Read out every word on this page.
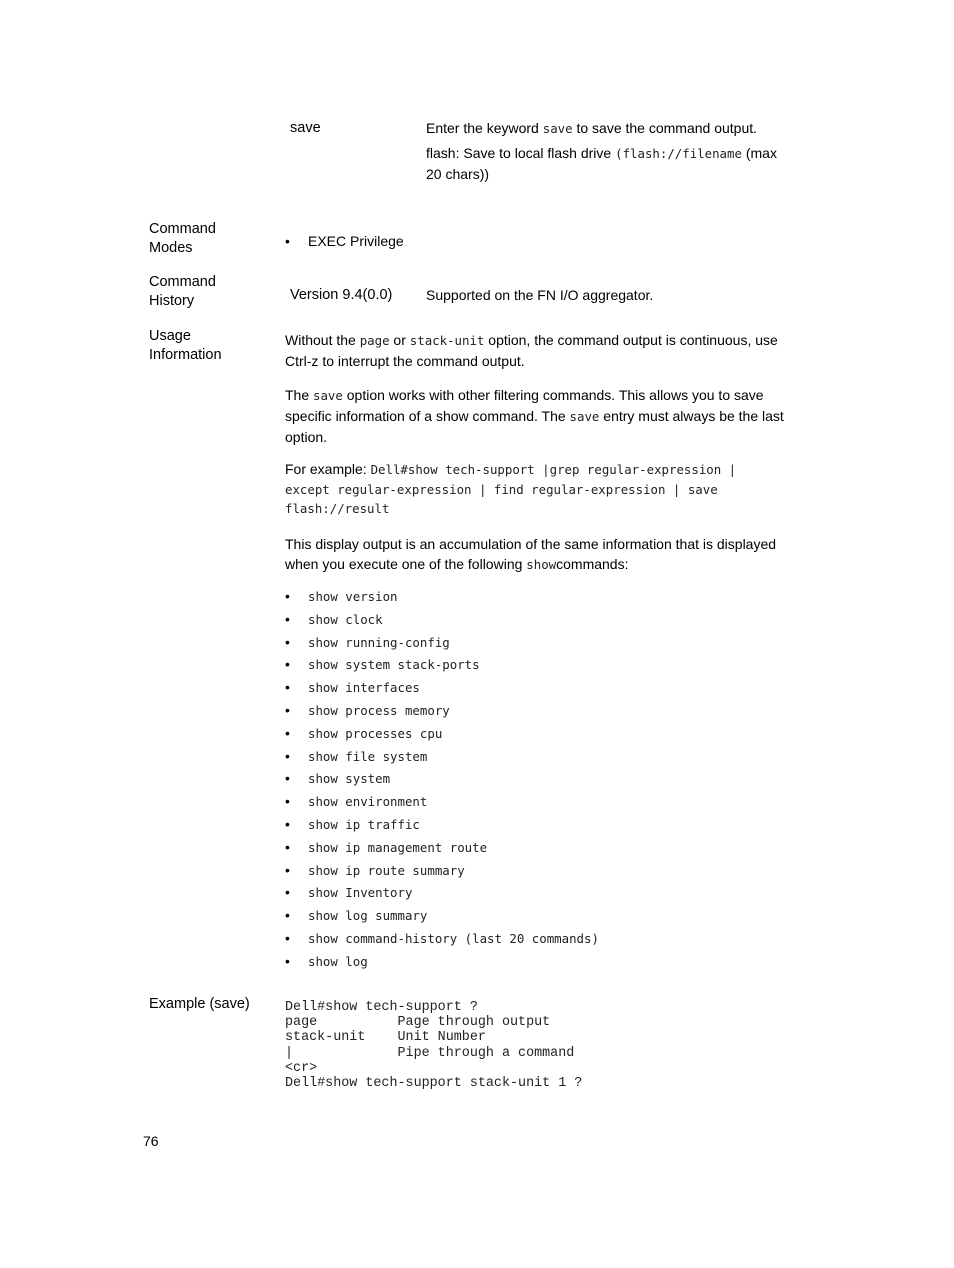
save	Enter the keyword save to save the command output.
flash: Save to local flash drive (flash://filename (max
20 chars))
Command
Modes
•	EXEC Privilege
Command
History	Version 9.4(0.0) Supported on the FN I/O aggregator.
Usage
Information
Without the page or stack-unit option, the command output is continuous, use
Ctrl-z to interrupt the command output.
The save option works with other filtering commands. This allows you to save
specific information of a show command. The save entry must always be the last
option.
For example: Dell#show tech-support |grep regular-expression |
except regular-expression | find regular-expression | save
flash://result
This display output is an accumulation of the same information that is displayed
when you execute one of the following showcommands:
• show version
• show clock
• show running-config
• show system stack-ports
• show interfaces
• show process memory
• show processes cpu
• show file system
• show system
• show environment
• show ip traffic
• show ip management route
• show ip route summary
• show Inventory
• show log summary
• show command-history (last 20 commands)
• show log
Example (save)	Dell#show tech-support ?
page          Page through output
stack-unit    Unit Number
|             Pipe through a command
<cr>
Dell#show tech-support stack-unit 1 ?
76
